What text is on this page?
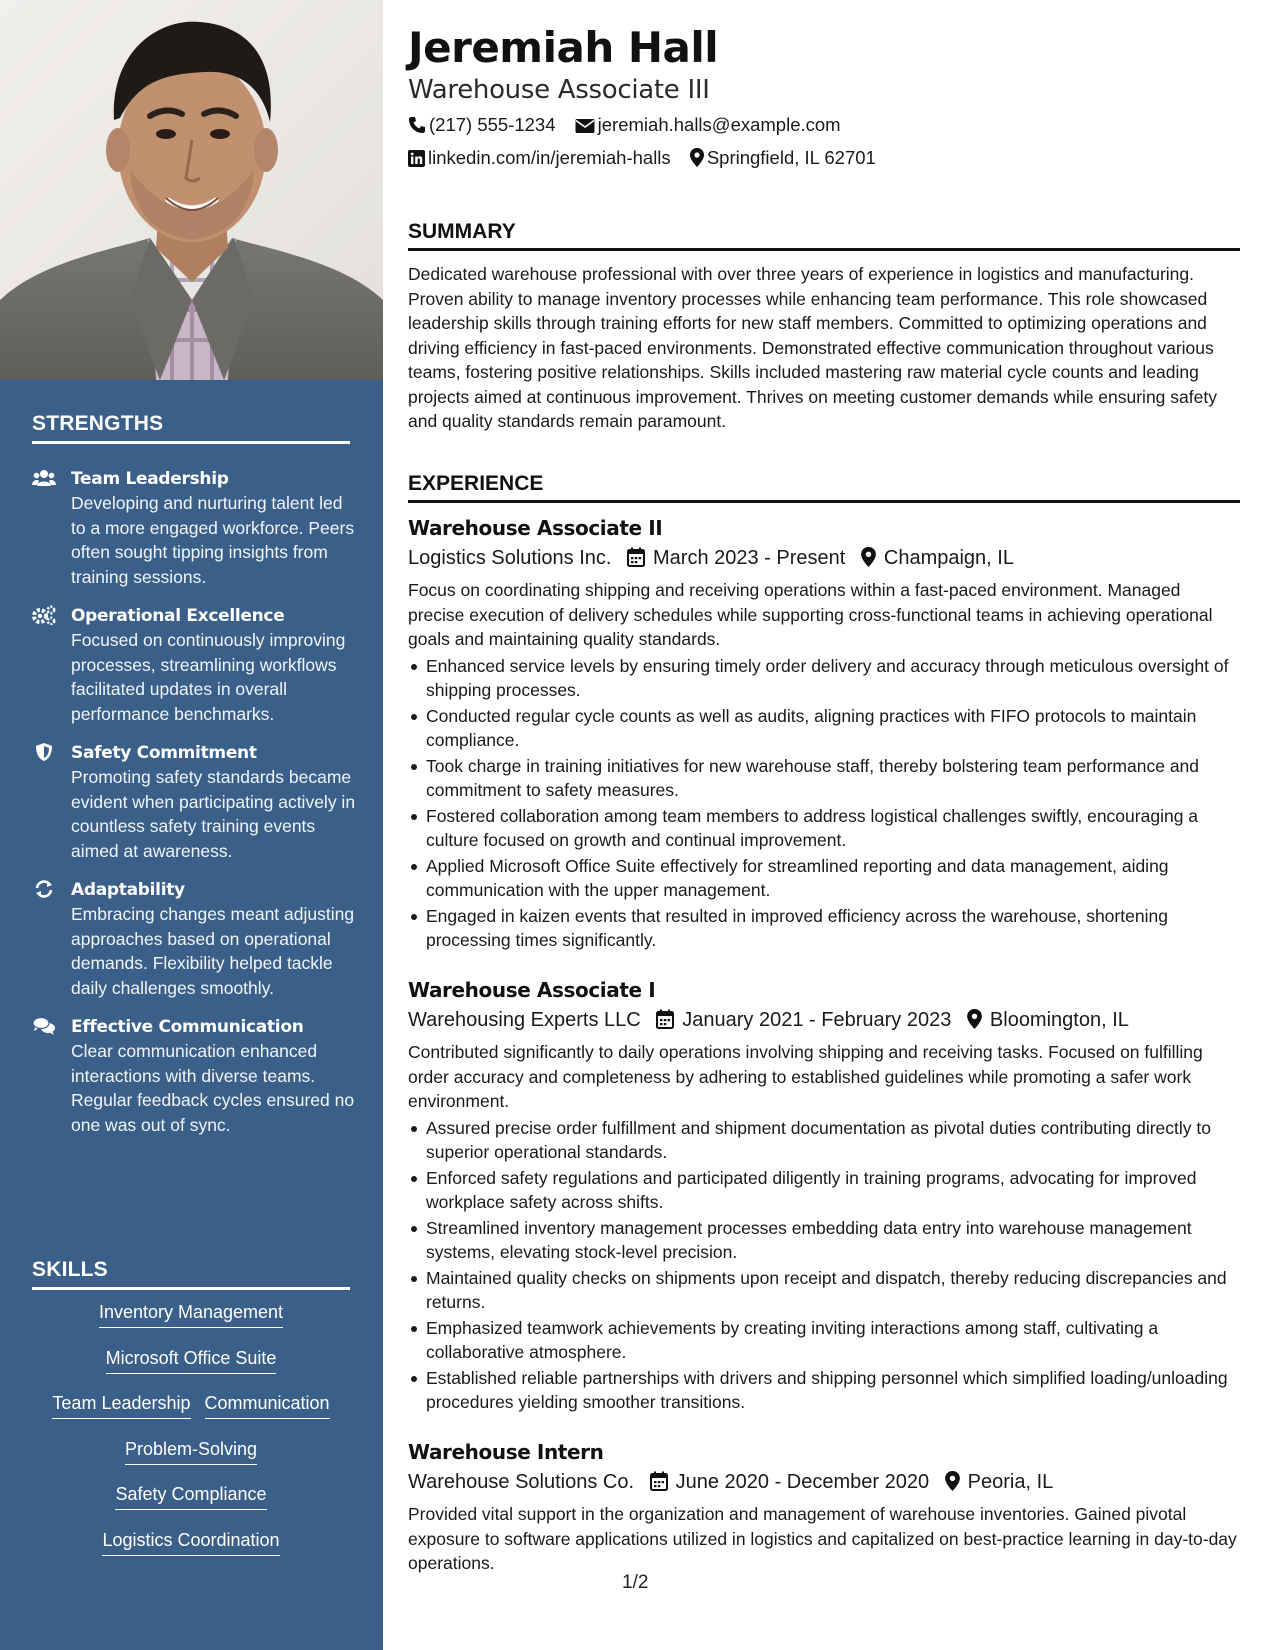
STRENGTHS
Team Leadership
Developing and nurturing talent led to a more engaged workforce. Peers often sought tipping insights from training sessions.
Operational Excellence
Focused on continuously improving processes, streamlining workflows facilitated updates in overall performance benchmarks.
Safety Commitment
Promoting safety standards became evident when participating actively in countless safety training events aimed at awareness.
Adaptability
Embracing changes meant adjusting approaches based on operational demands. Flexibility helped tackle daily challenges smoothly.
Effective Communication
Clear communication enhanced interactions with diverse teams. Regular feedback cycles ensured no one was out of sync.
SKILLS
Inventory Management
Microsoft Office Suite
Team Leadership Communication
Problem-Solving
Safety Compliance
Logistics Coordination
Jeremiah Hall
Warehouse Associate III
(217) 555-1234 jeremiah.halls@example.com
linkedin.com/in/jeremiah-halls Springfield, IL 62701
SUMMARY
Dedicated warehouse professional with over three years of experience in logistics and manufacturing. Proven ability to manage inventory processes while enhancing team performance. This role showcased leadership skills through training efforts for new staff members. Committed to optimizing operations and driving efficiency in fast-paced environments. Demonstrated effective communication throughout various teams, fostering positive relationships. Skills included mastering raw material cycle counts and leading projects aimed at continuous improvement. Thrives on meeting customer demands while ensuring safety and quality standards remain paramount.
EXPERIENCE
Warehouse Associate II
Logistics Solutions Inc. March 2023 - Present Champaign, IL
Focus on coordinating shipping and receiving operations within a fast-paced environment. Managed precise execution of delivery schedules while supporting cross-functional teams in achieving operational goals and maintaining quality standards.
Enhanced service levels by ensuring timely order delivery and accuracy through meticulous oversight of shipping processes.
Conducted regular cycle counts as well as audits, aligning practices with FIFO protocols to maintain compliance.
Took charge in training initiatives for new warehouse staff, thereby bolstering team performance and commitment to safety measures.
Fostered collaboration among team members to address logistical challenges swiftly, encouraging a culture focused on growth and continual improvement.
Applied Microsoft Office Suite effectively for streamlined reporting and data management, aiding communication with the upper management.
Engaged in kaizen events that resulted in improved efficiency across the warehouse, shortening processing times significantly.
Warehouse Associate I
Warehousing Experts LLC January 2021 - February 2023 Bloomington, IL
Contributed significantly to daily operations involving shipping and receiving tasks. Focused on fulfilling order accuracy and completeness by adhering to established guidelines while promoting a safer work environment.
Assured precise order fulfillment and shipment documentation as pivotal duties contributing directly to superior operational standards.
Enforced safety regulations and participated diligently in training programs, advocating for improved workplace safety across shifts.
Streamlined inventory management processes embedding data entry into warehouse management systems, elevating stock-level precision.
Maintained quality checks on shipments upon receipt and dispatch, thereby reducing discrepancies and returns.
Emphasized teamwork achievements by creating inviting interactions among staff, cultivating a collaborative atmosphere.
Established reliable partnerships with drivers and shipping personnel which simplified loading/unloading procedures yielding smoother transitions.
Warehouse Intern
Warehouse Solutions Co. June 2020 - December 2020 Peoria, IL
Provided vital support in the organization and management of warehouse inventories. Gained pivotal exposure to software applications utilized in logistics and capitalized on best-practice learning in day-to-day operations.
1/2
